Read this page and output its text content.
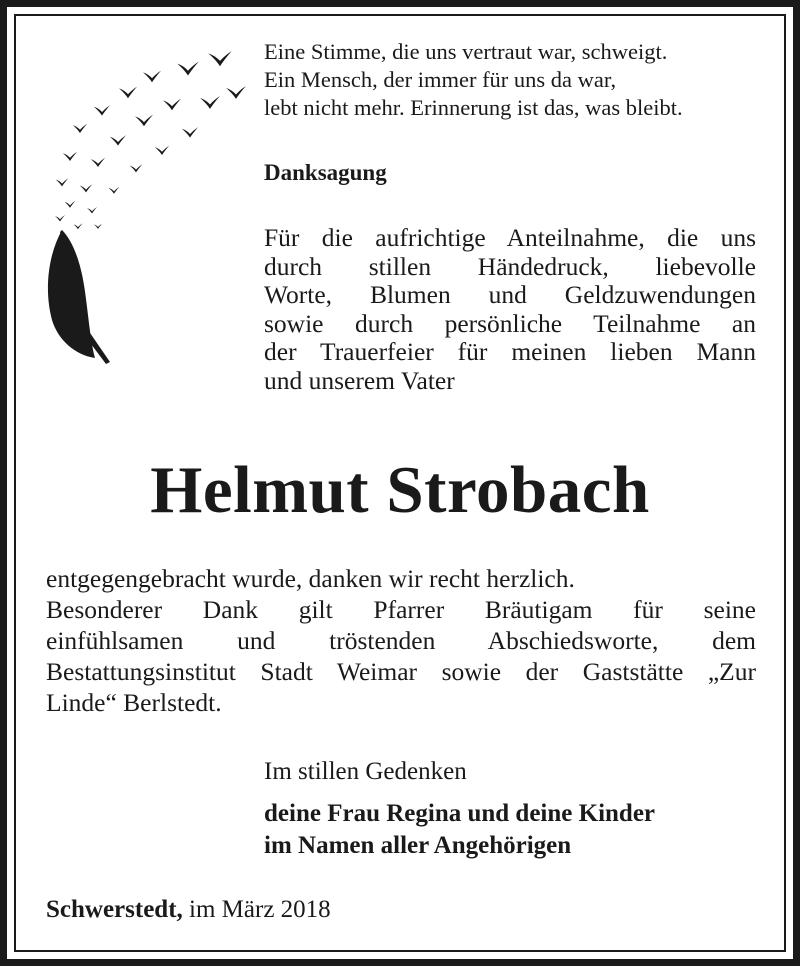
Eine Stimme, die uns vertraut war, schweigt.
Ein Mensch, der immer für uns da war,
lebt nicht mehr. Erinnerung ist das, was bleibt.
Danksagung
Für die aufrichtige Anteilnahme, die uns
durch stillen Händedruck, liebevolle
Worte, Blumen und Geldzuwendungen
sowie durch persönliche Teilnahme an
der Trauerfeier für meinen lieben Mann
und unserem Vater
Helmut Strobach
entgegengebracht wurde, danken wir recht herzlich.
Besonderer Dank gilt Pfarrer Bräutigam für seine
einfühlsamen und tröstenden Abschiedsworte, dem
Bestattungsinstitut Stadt Weimar sowie der Gaststätte „Zur
Linde“ Berlstedt.
Im stillen Gedenken
deine Frau Regina und deine Kinder
im Namen aller Angehörigen
Schwerstedt, im März 2018
